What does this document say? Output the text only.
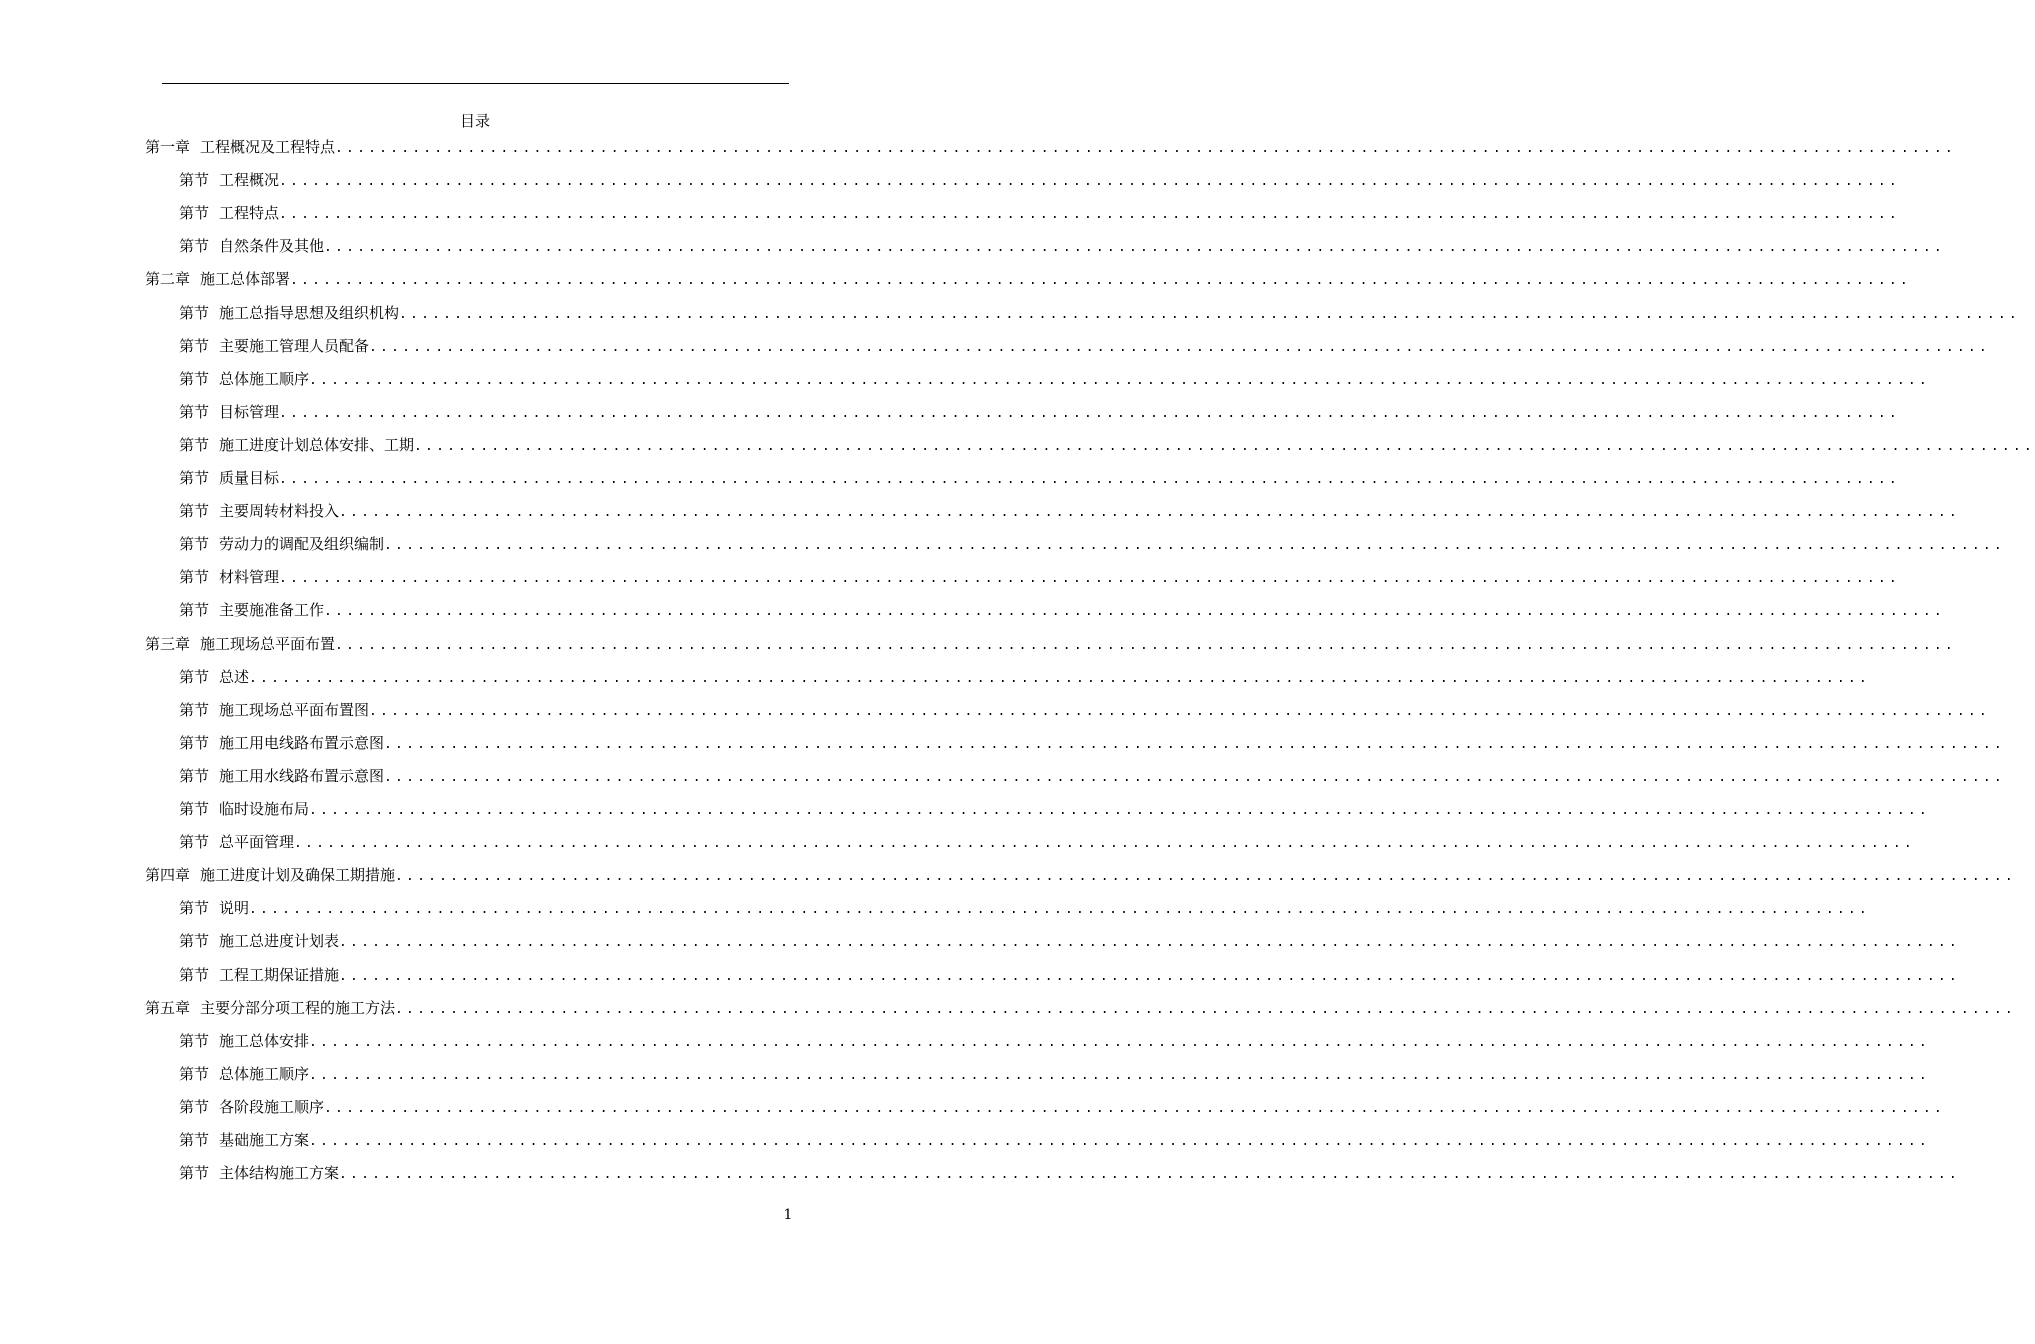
目录
第一章 工程概况及工程特点 ...................................................................................................................................................
第节 工程概况 ...................................................................................................................................................
第节 工程特点 ...................................................................................................................................................
第节 自然条件及其他 ...................................................................................................................................................
第二章 施工总体部署 ...................................................................................................................................................
第节 施工总指导思想及组织机构 ...................................................................................................................................................
第节 主要施工管理人员配备 ...................................................................................................................................................
第节 总体施工顺序 ...................................................................................................................................................
第节 目标管理 ...................................................................................................................................................
第节 施工进度计划总体安排、工期 ...................................................................................................................................................
第节 质量目标 ...................................................................................................................................................
第节 主要周转材料投入 ...................................................................................................................................................
第节 劳动力的调配及组织编制 ...................................................................................................................................................
第节 材料管理 ...................................................................................................................................................
第节 主要施准备工作 ...................................................................................................................................................
第三章 施工现场总平面布置 ...................................................................................................................................................
第节 总述 ...................................................................................................................................................
第节 施工现场总平面布置图 ...................................................................................................................................................
第节 施工用电线路布置示意图 ...................................................................................................................................................
第节 施工用水线路布置示意图 ...................................................................................................................................................
第节 临时设施布局 ...................................................................................................................................................
第节 总平面管理 ...................................................................................................................................................
第四章 施工进度计划及确保工期措施 ...................................................................................................................................................
第节 说明 ...................................................................................................................................................
第节 施工总进度计划表 ...................................................................................................................................................
第节 工程工期保证措施 ...................................................................................................................................................
第五章 主要分部分项工程的施工方法 ...................................................................................................................................................
第节 施工总体安排 ...................................................................................................................................................
第节 总体施工顺序 ...................................................................................................................................................
第节 各阶段施工顺序 ...................................................................................................................................................
第节 基础施工方案 ...................................................................................................................................................
第节 主体结构施工方案 ...................................................................................................................................................
1
